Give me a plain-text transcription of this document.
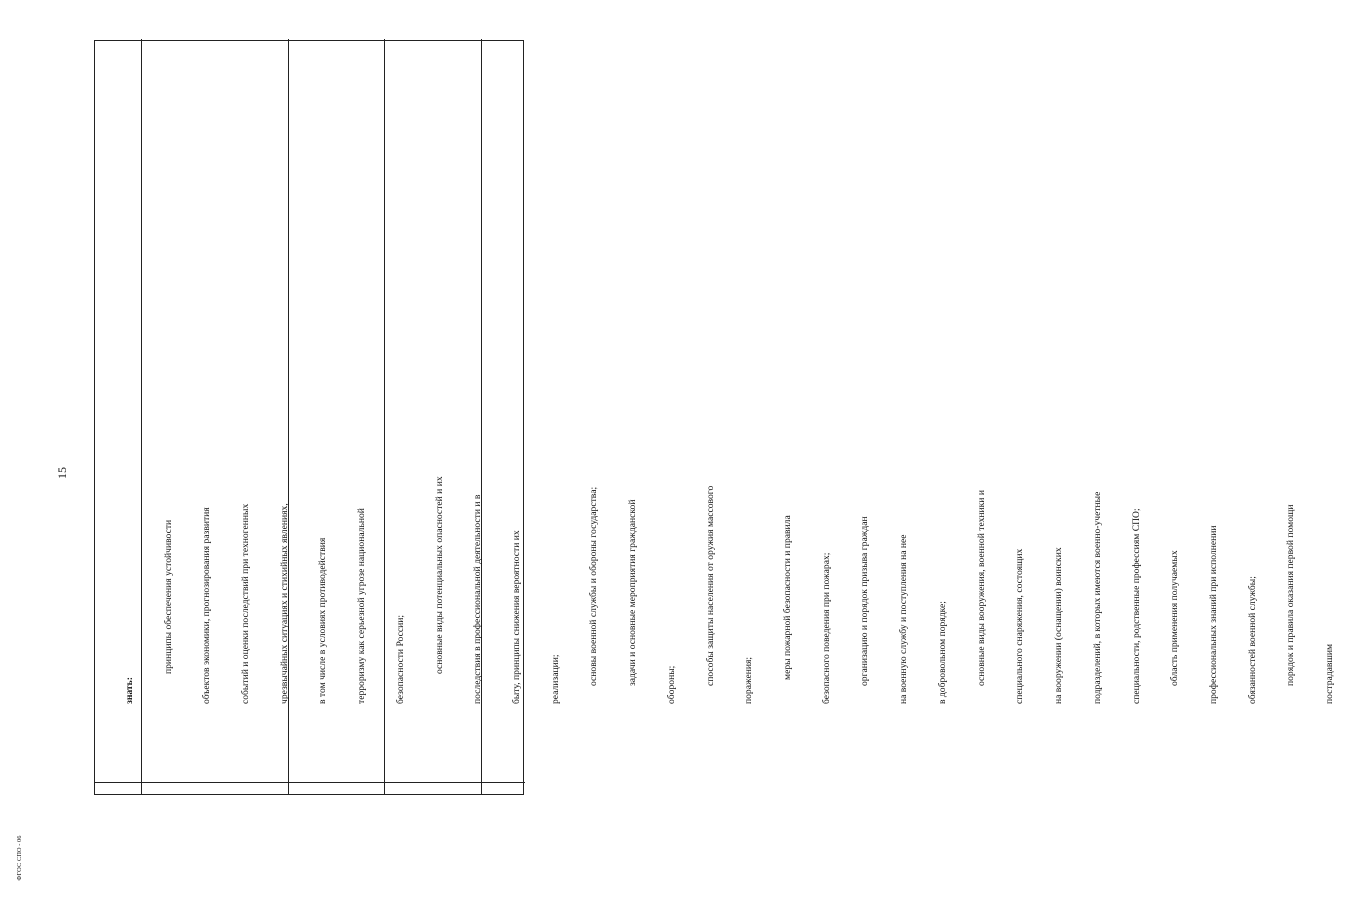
15

знать:

принципы обеспечения устойчивости

	объектов экономики, прогнозирования развития

	событий и оценки последствий при техногенных

	чрезвычайных ситуациях и стихийных явлениях,

	в том числе в условиях противодействия

	терроризму как серьезной угрозе национальной

	безопасности России;

	основные виды потенциальных опасностей и их

	последствия в профессиональной деятельности и в

	быту, принципы снижения вероятности их

	реализации;

	основы военной службы и обороны государства;

	задачи и основные мероприятия гражданской

	обороны;

	способы защиты населения от оружия массового

	поражения;

меры пожарной безопасности и правила

	безопасного поведения при пожарах;

	организацию и порядок призыва граждан

	на военную службу и поступления на нее

	в добровольном порядке;

	основные виды вооружения, военной техники и

	специального снаряжения, состоящих

	на вооружении (оснащении) воинских

	подразделений, в которых имеются военно-учетные

	специальности, родственные профессиям СПО;

	область применения получаемых

	профессиональных знаний при исполнении

	обязанностей военной службы;

	порядок и правила оказания первой помощи

	пострадавшим

ФГОС СПО - 06
